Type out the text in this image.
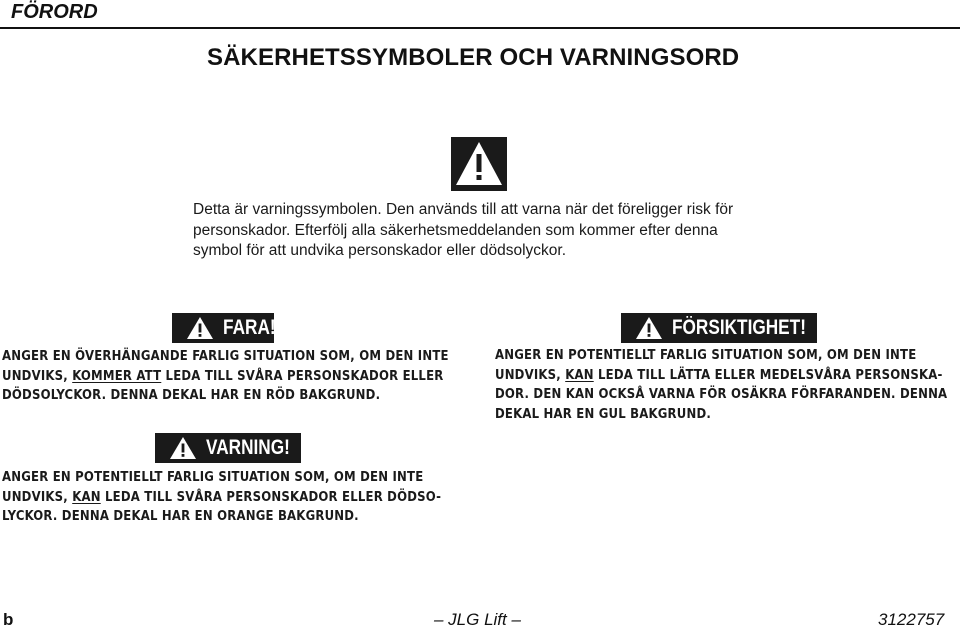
FÖRORD
SÄKERHETSSYMBOLER OCH VARNINGSORD
Detta är varningssymbolen. Den används till att varna när det föreligger risk för
personskador. Efterfölj alla säkerhetsmeddelanden som kommer efter denna
symbol för att undvika personskador eller dödsolyckor.
FARA!
ANGER EN ÖVERHÄNGANDE FARLIG SITUATION SOM, OM DEN INTE
UNDVIKS, KOMMER ATT LEDA TILL SVÅRA PERSONSKADOR ELLER
DÖDSOLYCKOR. DENNA DEKAL HAR EN RÖD BAKGRUND.
VARNING!
ANGER EN POTENTIELLT FARLIG SITUATION SOM, OM DEN INTE
UNDVIKS, KAN LEDA TILL SVÅRA PERSONSKADOR ELLER DÖDSO-
LYCKOR. DENNA DEKAL HAR EN ORANGE BAKGRUND.
FÖRSIKTIGHET!
ANGER EN POTENTIELLT FARLIG SITUATION SOM, OM DEN INTE
UNDVIKS, KAN LEDA TILL LÄTTA ELLER MEDELSVÅRA PERSONSKA-
DOR. DEN KAN OCKSÅ VARNA FÖR OSÄKRA FÖRFARANDEN. DENNA
DEKAL HAR EN GUL BAKGRUND.
b	– JLG Lift –	3122757
